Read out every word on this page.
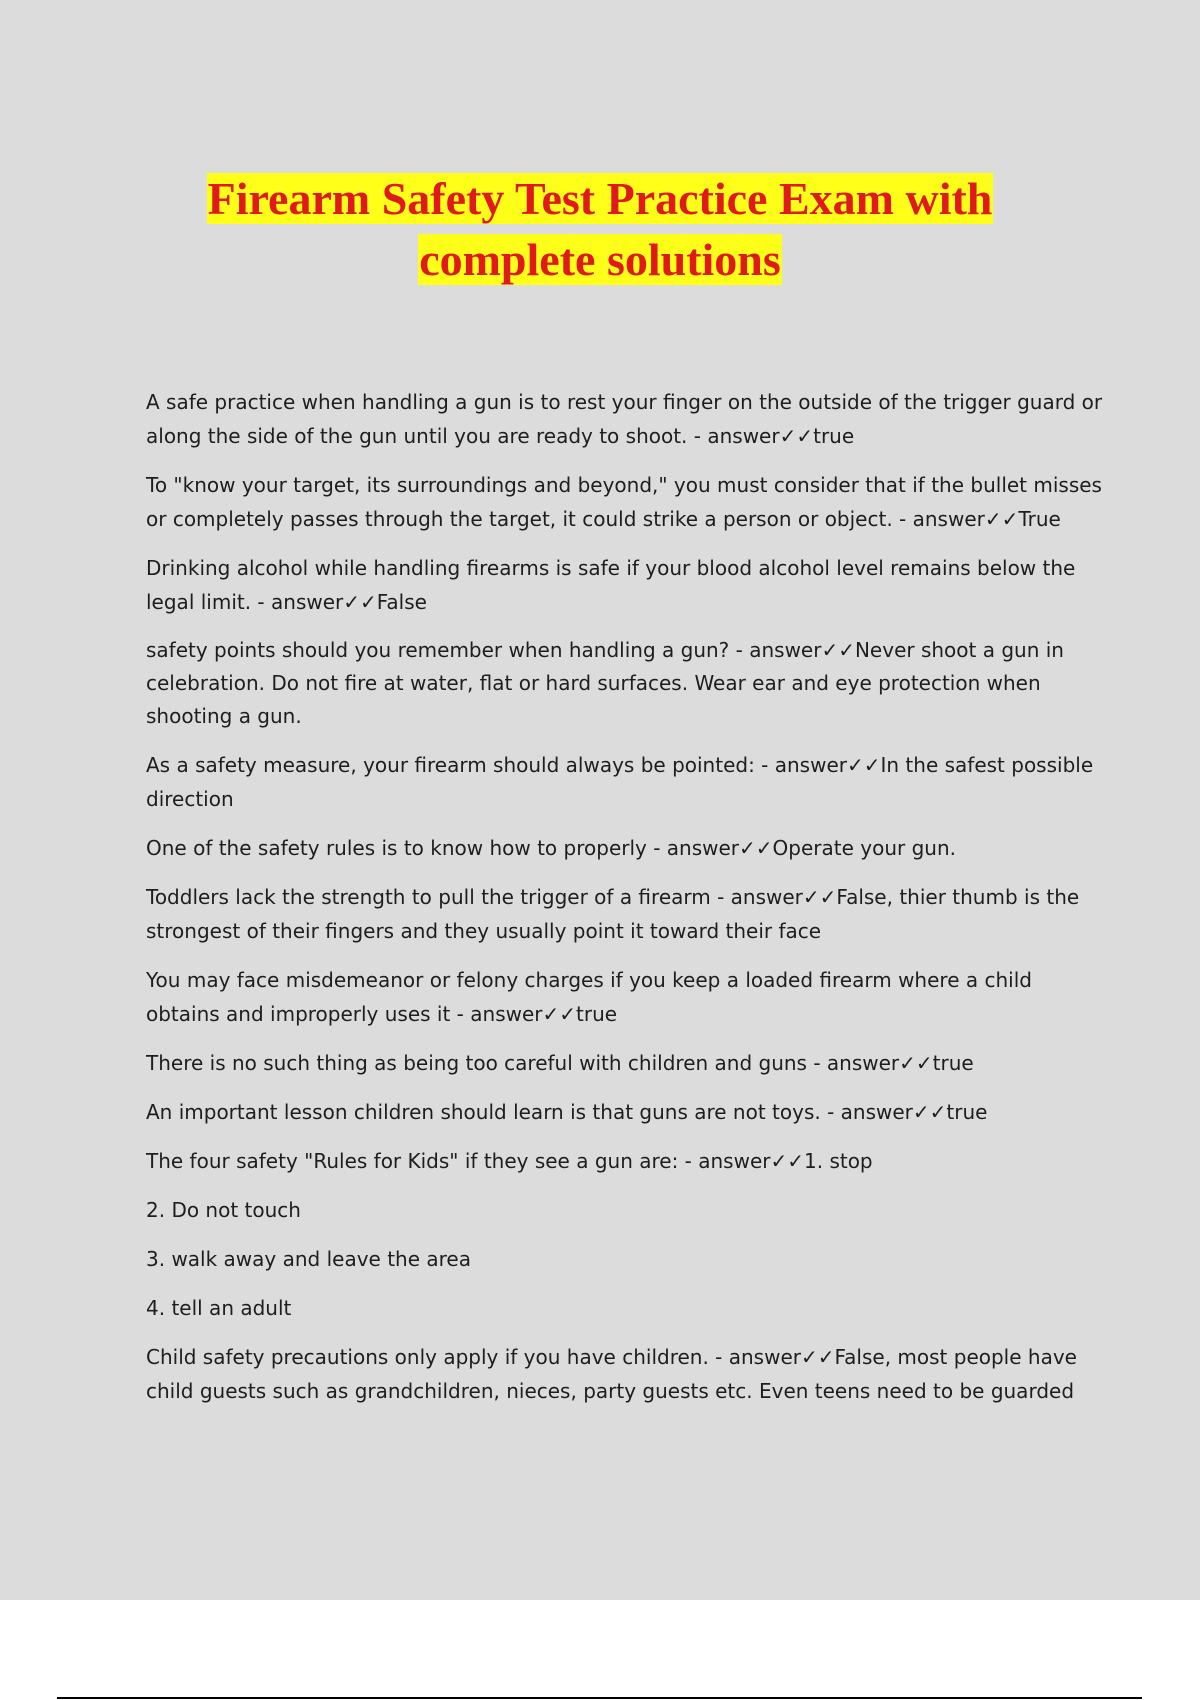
Firearm Safety Test Practice Exam with
complete solutions

A safe practice when handling a gun is to rest your finger on the outside of the trigger guard or
along the side of the gun until you are ready to shoot. - answer✓✓true

To "know your target, its surroundings and beyond," you must consider that if the bullet misses
or completely passes through the target, it could strike a person or object. - answer✓✓True

Drinking alcohol while handling firearms is safe if your blood alcohol level remains below the
legal limit. - answer✓✓False

safety points should you remember when handling a gun? - answer✓✓Never shoot a gun in
celebration. Do not fire at water, flat or hard surfaces. Wear ear and eye protection when
shooting a gun.

As a safety measure, your firearm should always be pointed: - answer✓✓In the safest possible
direction

One of the safety rules is to know how to properly - answer✓✓Operate your gun.

Toddlers lack the strength to pull the trigger of a firearm - answer✓✓False, thier thumb is the
strongest of their fingers and they usually point it toward their face

You may face misdemeanor or felony charges if you keep a loaded firearm where a child
obtains and improperly uses it - answer✓✓true

There is no such thing as being too careful with children and guns - answer✓✓true

An important lesson children should learn is that guns are not toys. - answer✓✓true

The four safety "Rules for Kids" if they see a gun are: - answer✓✓1. stop

2. Do not touch

3. walk away and leave the area

4. tell an adult

Child safety precautions only apply if you have children. - answer✓✓False, most people have
child guests such as grandchildren, nieces, party guests etc. Even teens need to be guarded
